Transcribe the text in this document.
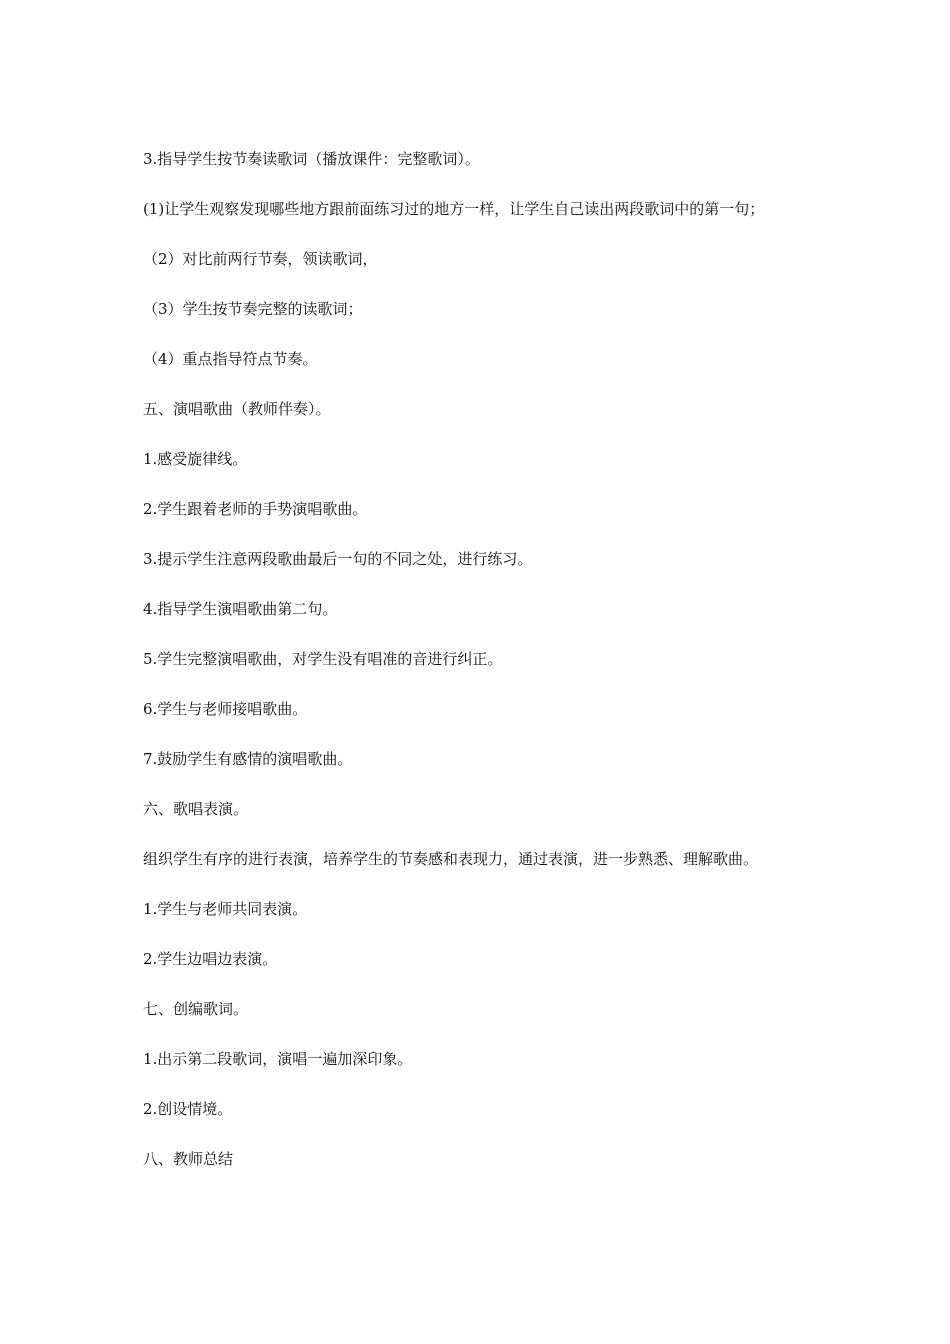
3.指导学生按节奏读歌词（播放课件：完整歌词）。

(1)让学生观察发现哪些地方跟前面练习过的地方一样，让学生自己读出两段歌词中的第一句；

（2）对比前两行节奏，领读歌词，

（3）学生按节奏完整的读歌词；

（4）重点指导符点节奏。

五、演唱歌曲（教师伴奏）。

1.感受旋律线。

2.学生跟着老师的手势演唱歌曲。

3.提示学生注意两段歌曲最后一句的不同之处，进行练习。

4.指导学生演唱歌曲第二句。

5.学生完整演唱歌曲，对学生没有唱准的音进行纠正。

6.学生与老师接唱歌曲。

7.鼓励学生有感情的演唱歌曲。

六、歌唱表演。

组织学生有序的进行表演，培养学生的节奏感和表现力，通过表演，进一步熟悉、理解歌曲。

1.学生与老师共同表演。

2.学生边唱边表演。

七、创编歌词。

1.出示第二段歌词，演唱一遍加深印象。

2.创设情境。

八、教师总结
